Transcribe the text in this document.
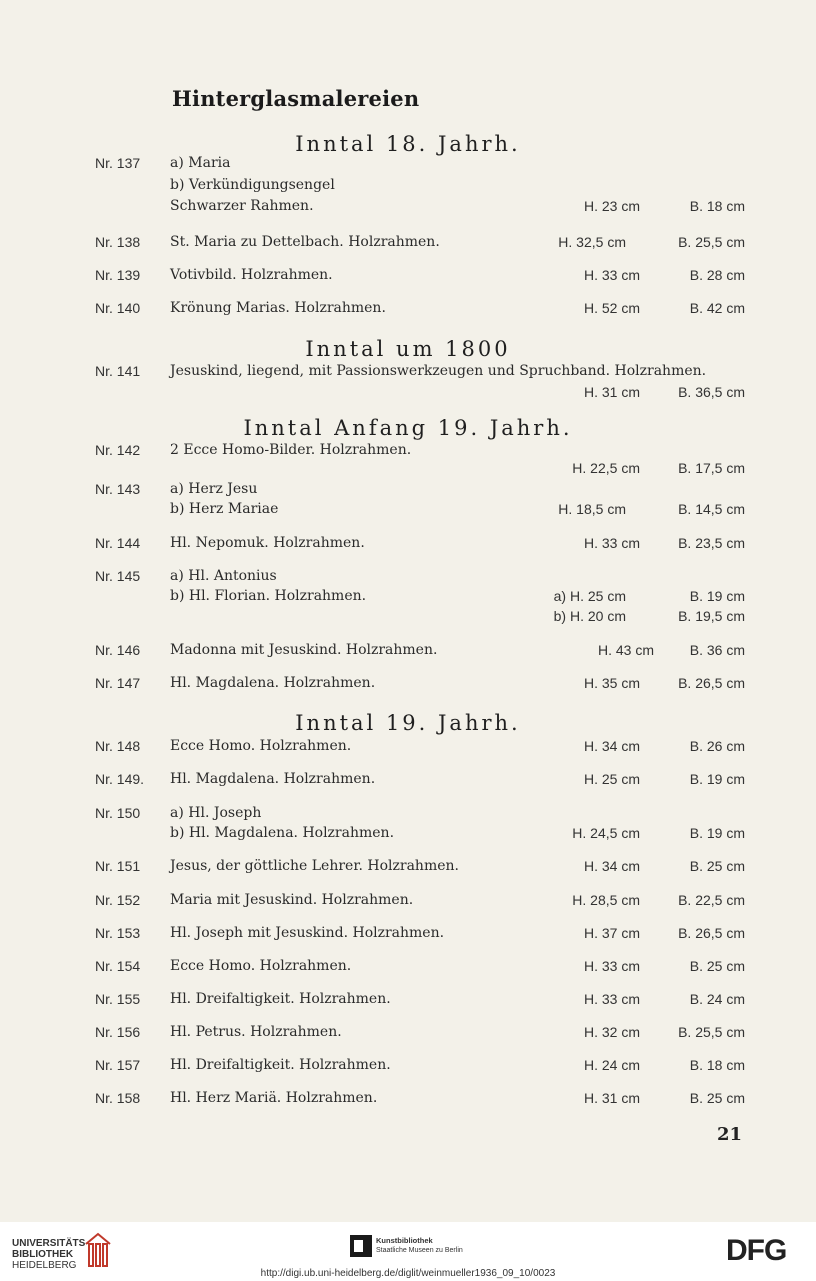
Hinterglasmalereien
Inntal 18. Jahrh.
Nr. 137 a) Maria
b) Verkündigungsengel
Schwarzer Rahmen.	H. 23 cm	B. 18 cm
Nr. 138 St. Maria zu Dettelbach. Holzrahmen.	H. 32,5 cm	B. 25,5 cm
Nr. 139 Votivbild. Holzrahmen.	H. 33 cm	B. 28 cm
Nr. 140 Krönung Marias. Holzrahmen.	H. 52 cm	B. 42 cm
Inntal um 1800
Nr. 141 Jesuskind, liegend, mit Passionswerkzeugen und Spruchband. Holzrahmen.
H. 31 cm	B. 36,5 cm
Inntal Anfang 19. Jahrh.
Nr. 142 2 Ecce Homo-Bilder. Holzrahmen.
H. 22,5 cm	B. 17,5 cm
Nr. 143 a) Herz Jesu
b) Herz Mariae	H. 18,5 cm	B. 14,5 cm
Nr. 144 Hl. Nepomuk. Holzrahmen.	H. 33 cm	B. 23,5 cm
Nr. 145 a) Hl. Antonius
b) Hl. Florian. Holzrahmen.	a) H. 25 cm	B. 19 cm
b) H. 20 cm	B. 19,5 cm
Nr. 146 Madonna mit Jesuskind. Holzrahmen.	H. 43 cm	B. 36 cm
Nr. 147 Hl. Magdalena. Holzrahmen.	H. 35 cm	B. 26,5 cm
Inntal 19. Jahrh.
Nr. 148 Ecce Homo. Holzrahmen.	H. 34 cm	B. 26 cm
Nr. 149. Hl. Magdalena. Holzrahmen.	H. 25 cm	B. 19 cm
Nr. 150 a) Hl. Joseph
b) Hl. Magdalena. Holzrahmen.	H. 24,5 cm	B. 19 cm
Nr. 151 Jesus, der göttliche Lehrer. Holzrahmen.	H. 34 cm	B. 25 cm
Nr. 152 Maria mit Jesuskind. Holzrahmen.	H. 28,5 cm	B. 22,5 cm
Nr. 153 Hl. Joseph mit Jesuskind. Holzrahmen.	H. 37 cm	B. 26,5 cm
Nr. 154 Ecce Homo. Holzrahmen.	H. 33 cm	B. 25 cm
Nr. 155 Hl. Dreifaltigkeit. Holzrahmen.	H. 33 cm	B. 24 cm
Nr. 156 Hl. Petrus. Holzrahmen.	H. 32 cm	B. 25,5 cm
Nr. 157 Hl. Dreifaltigkeit. Holzrahmen.	H. 24 cm	B. 18 cm
Nr. 158 Hl. Herz Mariä. Holzrahmen.	H. 31 cm	B. 25 cm
21
UNIVERSITÄTS-
BIBLIOTHEK
HEIDELBERG
Kunstbibliothek
Staatliche Museen zu Berlin	DFG
http://digi.ub.uni-heidelberg.de/diglit/weinmueller1936_09_10/0023
